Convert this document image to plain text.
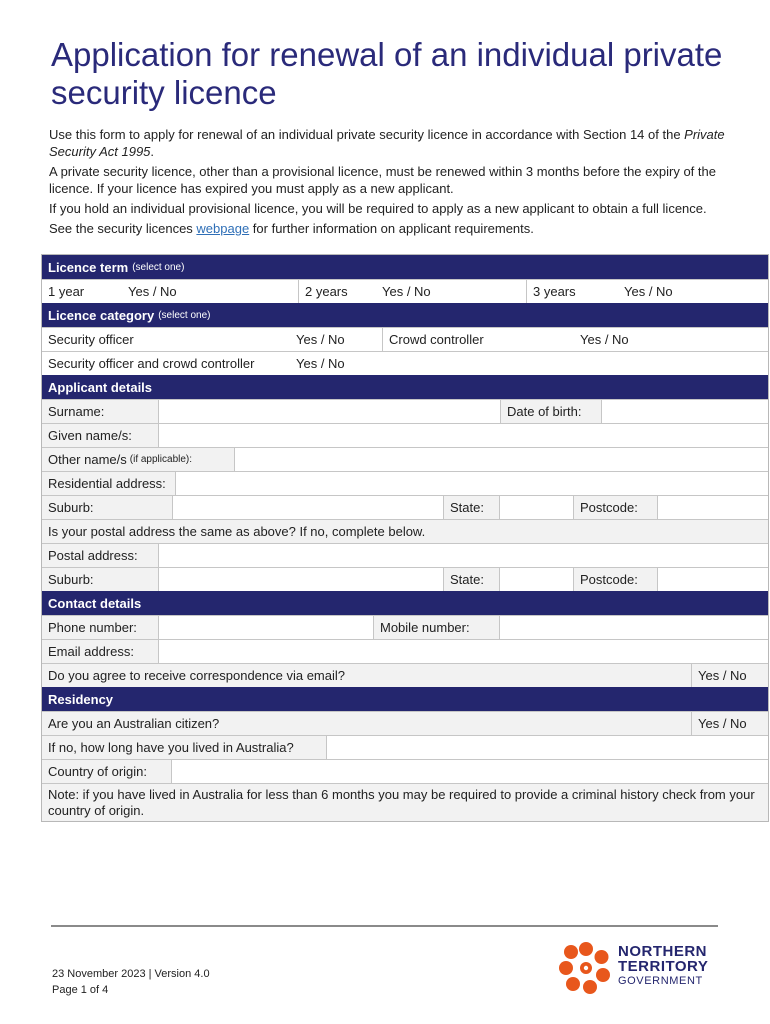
Application for renewal of an individual private security licence

Use this form to apply for renewal of an individual private security licence in accordance with Section 14 of the Private Security Act 1995.

A private security licence, other than a provisional licence, must be renewed within 3 months before the expiry of the licence. If your licence has expired you must apply as a new applicant.

If you hold an individual provisional licence, you will be required to apply as a new applicant to obtain a full licence.

See the security licences webpage for further information on applicant requirements.

Licence term (select one)
1 year	Yes / No	2 years	Yes / No	3 years	Yes / No
Licence category (select one)
Security officer	Yes / No	Crowd controller	Yes / No
Security officer and crowd controller	Yes / No
Applicant details
Surname:	Date of birth:
Given name/s:
Other name/s (if applicable):
Residential address:
Suburb:	State:	Postcode:
Is your postal address the same as above? If no, complete below.
Postal address:
Suburb:	State:	Postcode:
Contact details
Phone number:	Mobile number:
Email address:
Do you agree to receive correspondence via email?	Yes / No
Residency
Are you an Australian citizen?	Yes / No
If no, how long have you lived in Australia?
Country of origin:
Note: if you have lived in Australia for less than 6 months you may be required to provide a criminal history check from your country of origin.
23 November 2023 | Version 4.0
Page 1 of 4
NORTHERN
TERRITORY
GOVERNMENT
